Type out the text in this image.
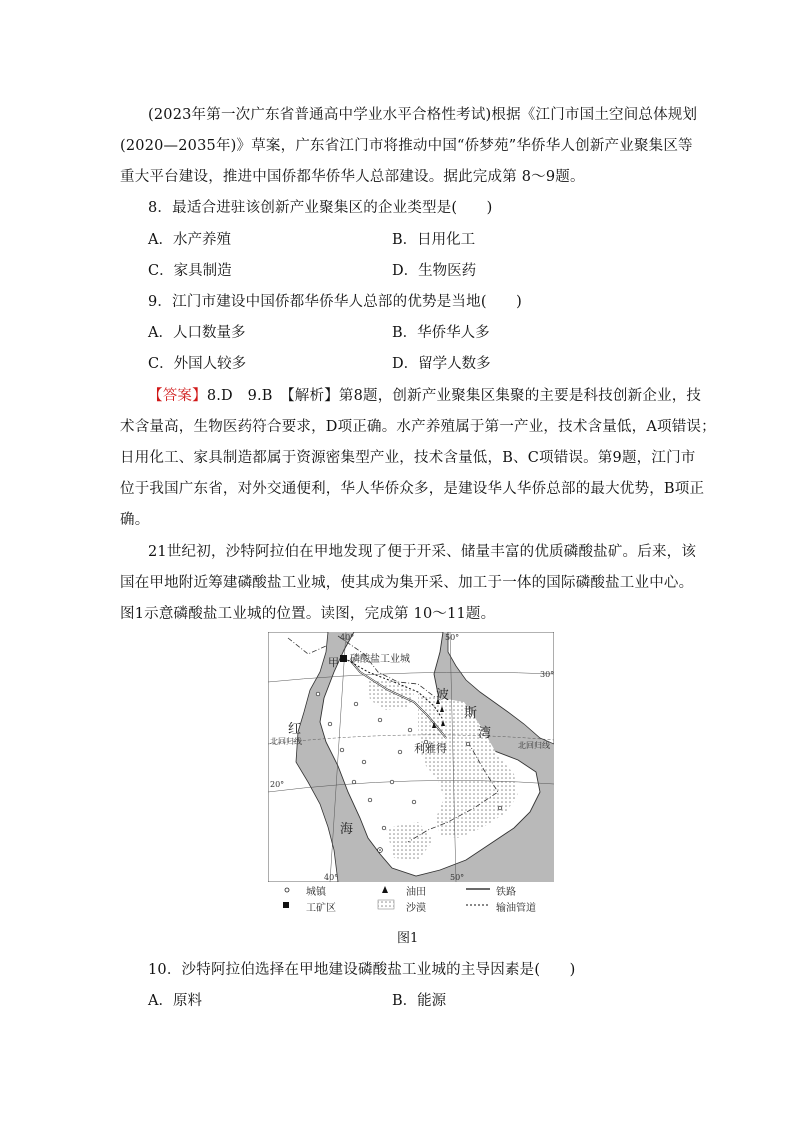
(2023年第一次广东省普通高中学业水平合格性考试)根据《江门市国土空间总体规划
(2020—2035年)》草案，广东省江门市将推动中国“侨梦苑”华侨华人创新产业聚集区等
重大平台建设，推进中国侨都华侨华人总部建设。据此完成第 8～9题。
8．最适合进驻该创新产业聚集区的企业类型是(　　)
A．水产养殖	B．日用化工
C．家具制造	D．生物医药
9．江门市建设中国侨都华侨华人总部的优势是当地(　　)
A．人口数量多	B．华侨华人多
C．外国人较多	D．留学人数多
【答案】8.D　9.B　【解析】第8题，创新产业聚集区集聚的主要是科技创新企业，技
术含量高，生物医药符合要求，D项正确。水产养殖属于第一产业，技术含量低，A项错误；
日用化工、家具制造都属于资源密集型产业，技术含量低，B、C项错误。第9题，江门市
位于我国广东省，对外交通便利，华人华侨众多，是建设华人华侨总部的最大优势，B项正
确。
21世纪初，沙特阿拉伯在甲地发现了便于开采、储量丰富的优质磷酸盐矿。后来，该
国在甲地附近筹建磷酸盐工业城，使其成为集开采、加工于一体的国际磷酸盐工业中心。
图1示意磷酸盐工业城的位置。读图，完成第 10～11题。
甲 磷酸盐工业城
红
海
波
斯
湾
利雅得
北回归线	北回归线
40°	50°
40°	50°
30°
20°
城镇	油田	铁路
工矿区	沙漠	输油管道
图1
10．沙特阿拉伯选择在甲地建设磷酸盐工业城的主导因素是(　　)
A．原料	B．能源
